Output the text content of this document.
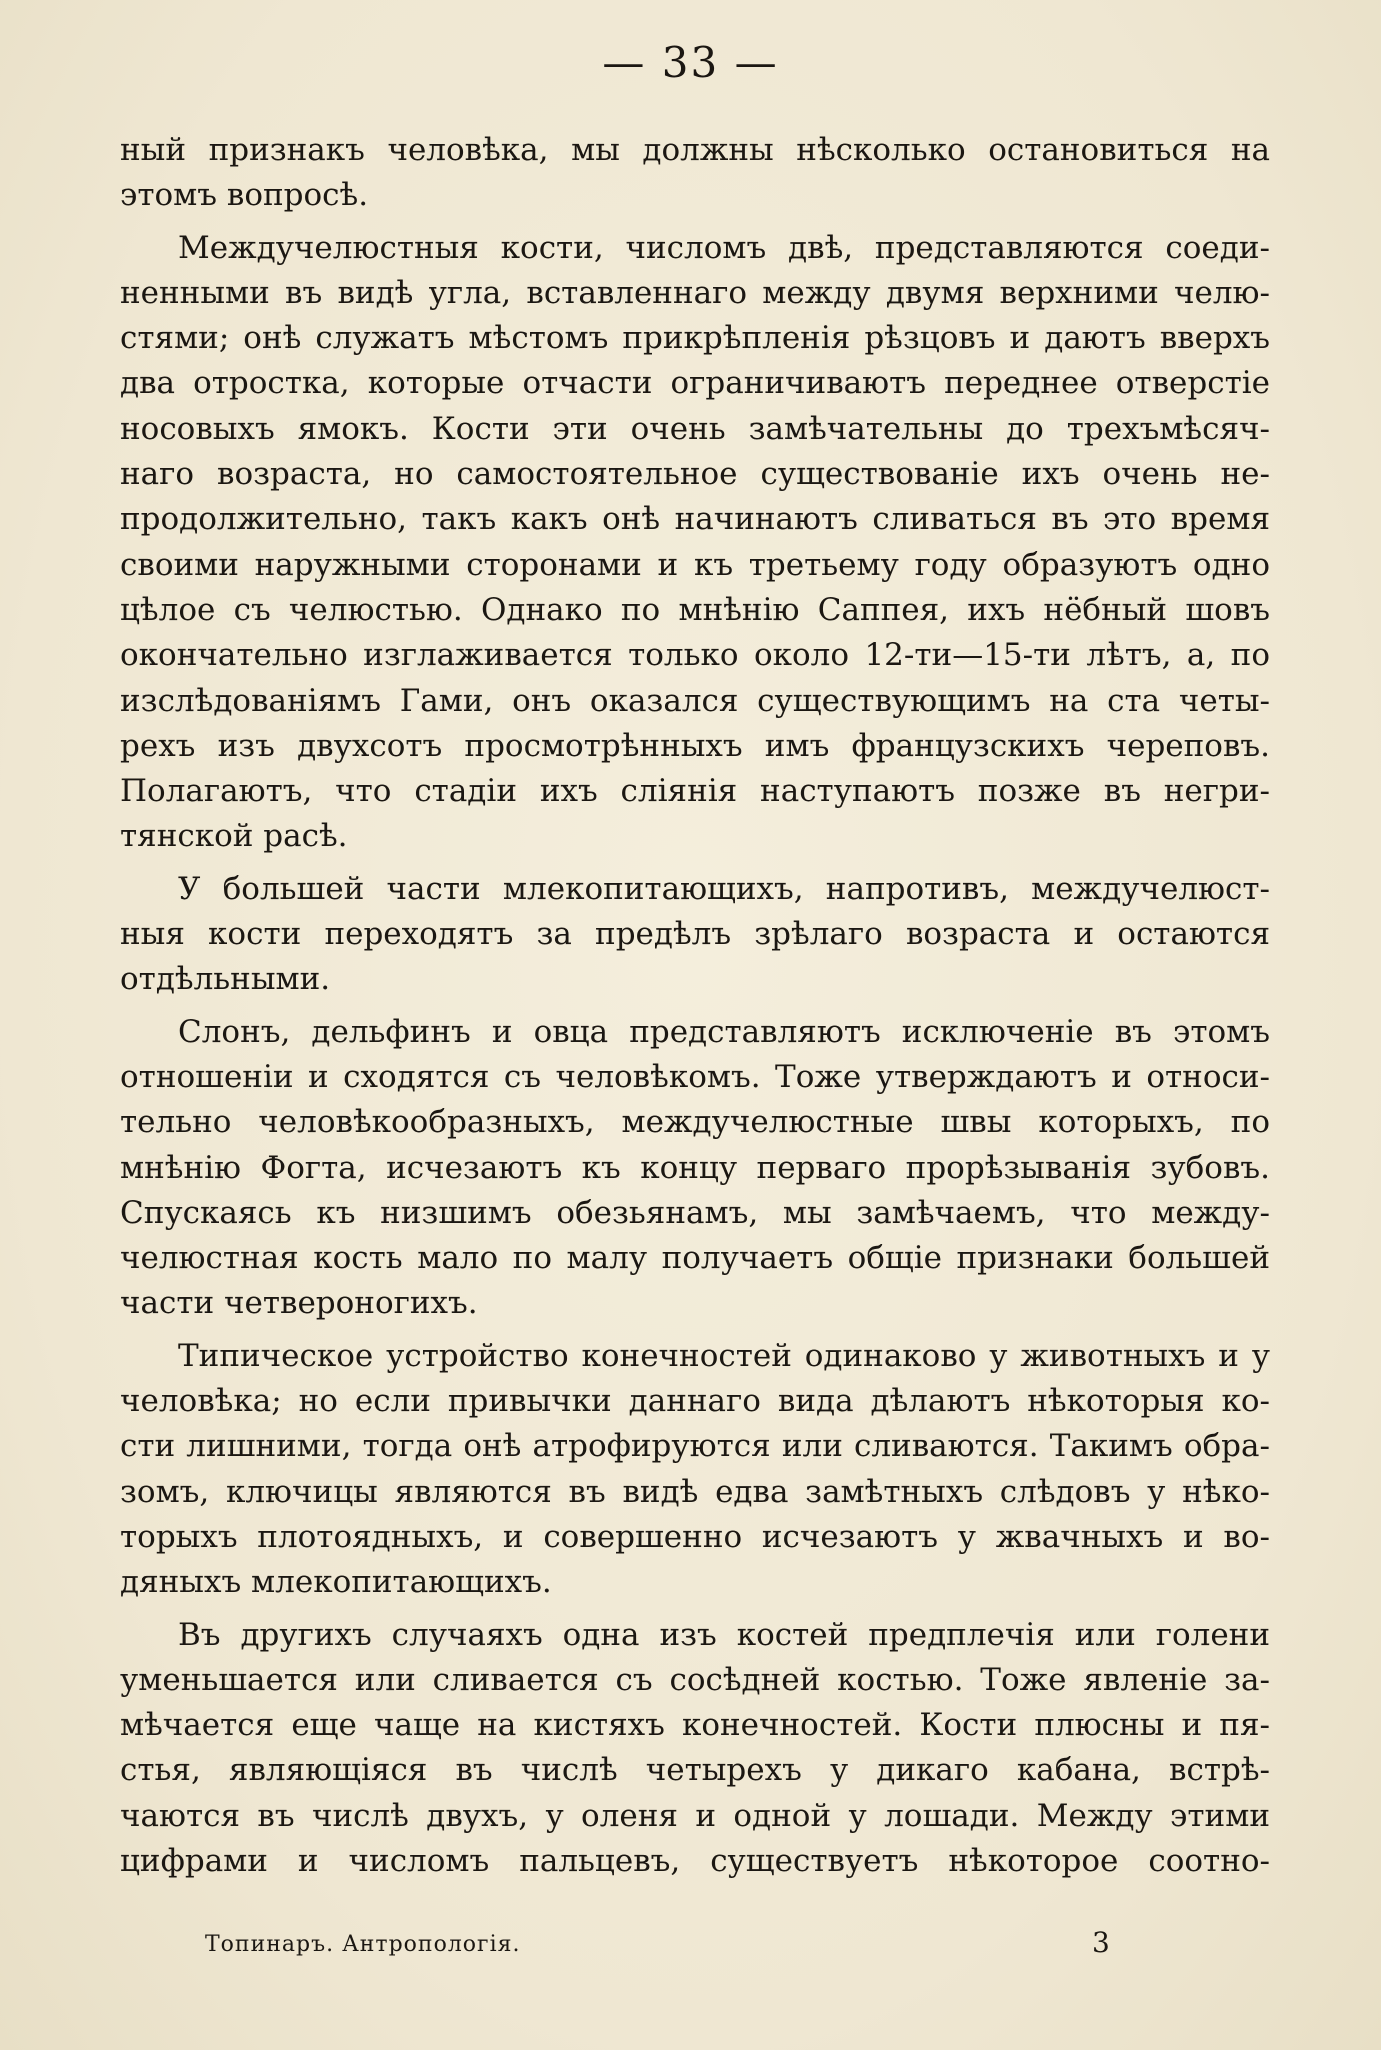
— 33 —
ный признакъ человѣка, мы должны нѣсколько остановиться на
этомъ вопросѣ.
Междучелюстныя кости, числомъ двѣ, представляются соеди-
ненными въ видѣ угла, вставленнаго между двумя верхними челю-
стями; онѣ служатъ мѣстомъ прикрѣпленія рѣзцовъ и даютъ вверхъ
два отростка, которые отчасти ограничиваютъ переднее отверстіе
носовыхъ ямокъ. Кости эти очень замѣчательны до трехъмѣсяч-
наго возраста, но самостоятельное существованіе ихъ очень не-
продолжительно, такъ какъ онѣ начинаютъ сливаться въ это время
своими наружными сторонами и къ третьему году образуютъ одно
цѣлое съ челюстью. Однако по мнѣнію Саппея, ихъ нёбный шовъ
окончательно изглаживается только около 12-ти—15-ти лѣтъ, а, по
изслѣдованіямъ Гами, онъ оказался существующимъ на ста четы-
рехъ изъ двухсотъ просмотрѣнныхъ имъ французскихъ череповъ.
Полагаютъ, что стадіи ихъ сліянія наступаютъ позже въ негри-
тянской расѣ.
У большей части млекопитающихъ, напротивъ, междучелюст-
ныя кости переходятъ за предѣлъ зрѣлаго возраста и остаются
отдѣльными.
Слонъ, дельфинъ и овца представляютъ исключеніе въ этомъ
отношеніи и сходятся съ человѣкомъ. Тоже утверждаютъ и относи-
тельно человѣкообразныхъ, междучелюстные швы которыхъ, по
мнѣнію Фогта, исчезаютъ къ концу перваго прорѣзыванія зубовъ.
Спускаясь къ низшимъ обезьянамъ, мы замѣчаемъ, что между-
челюстная кость мало по малу получаетъ общіе признаки большей
части четвероногихъ.
Типическое устройство конечностей одинаково у животныхъ и у
человѣка; но если привычки даннаго вида дѣлаютъ нѣкоторыя ко-
сти лишними, тогда онѣ атрофируются или сливаются. Такимъ обра-
зомъ, ключицы являются въ видѣ едва замѣтныхъ слѣдовъ у нѣко-
торыхъ плотоядныхъ, и совершенно исчезаютъ у жвачныхъ и во-
дяныхъ млекопитающихъ.
Въ другихъ случаяхъ одна изъ костей предплечія или голени
уменьшается или сливается съ сосѣдней костью. Тоже явленіе за-
мѣчается еще чаще на кистяхъ конечностей. Кости плюсны и пя-
стья, являющіяся въ числѣ четырехъ у дикаго кабана, встрѣ-
чаются въ числѣ двухъ, у оленя и одной у лошади. Между этими
цифрами и числомъ пальцевъ, существуетъ нѣкоторое соотно-
Топинаръ. Антропологія.	3
